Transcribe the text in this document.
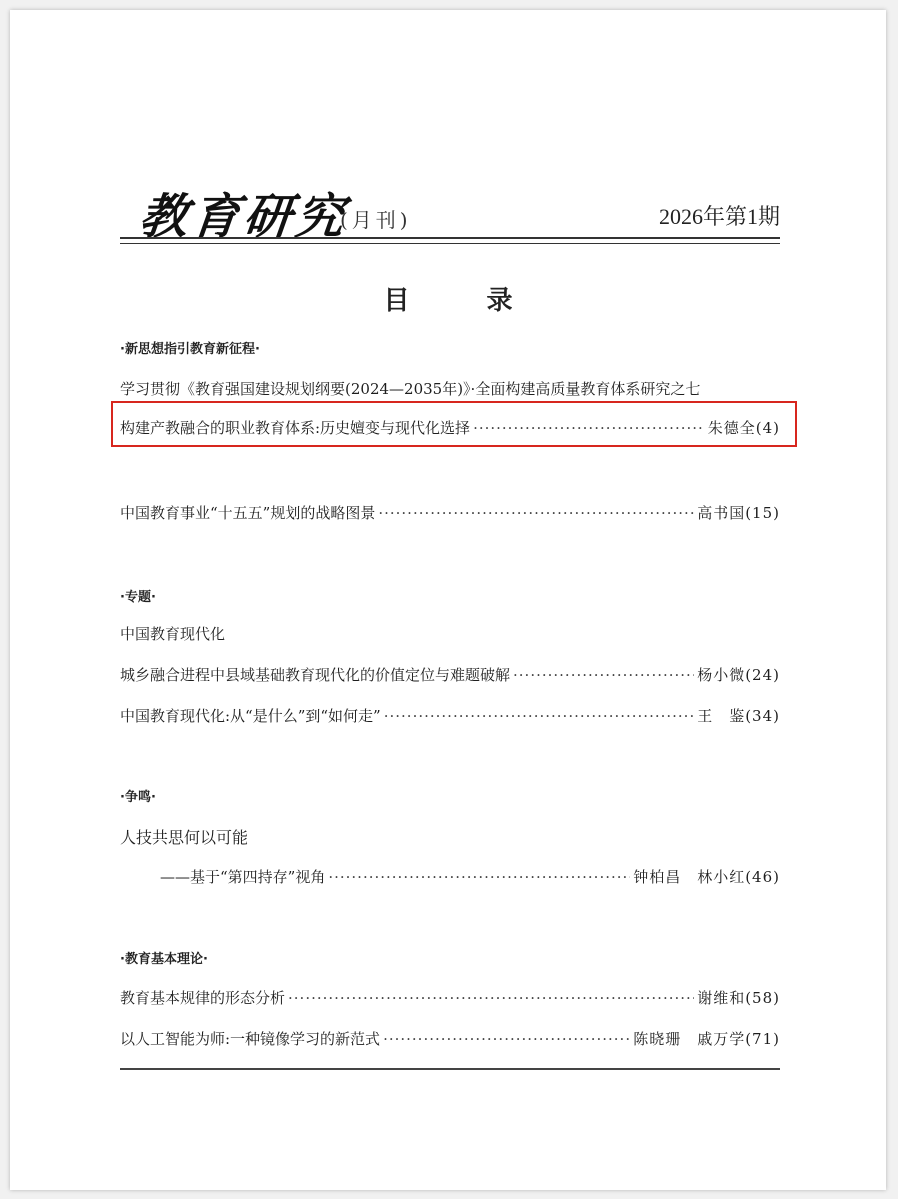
教育研究
(月刊)	2026年第1期
目 录
·新思想指引教育新征程·
学习贯彻《教育强国建设规划纲要(2024—2035年)》·全面构建高质量教育体系研究之七
构建产教融合的职业教育体系:历史嬗变与现代化选择 ·····	朱德全(4)
中国教育事业“十五五”规划的战略图景 ·····	高书国(15)
·专题·
中国教育现代化
城乡融合进程中县域基础教育现代化的价值定位与难题破解 ·····	杨小微(24)
中国教育现代化:从“是什么”到“如何走” ·····	王　鉴(34)
·争鸣·
人技共思何以可能
——基于“第四持存”视角 ·····	钟柏昌　林小红(46)
·教育基本理论·
教育基本规律的形态分析 ·····	谢维和(58)
以人工智能为师:一种镜像学习的新范式 ·····	陈晓珊　戚万学(71)
